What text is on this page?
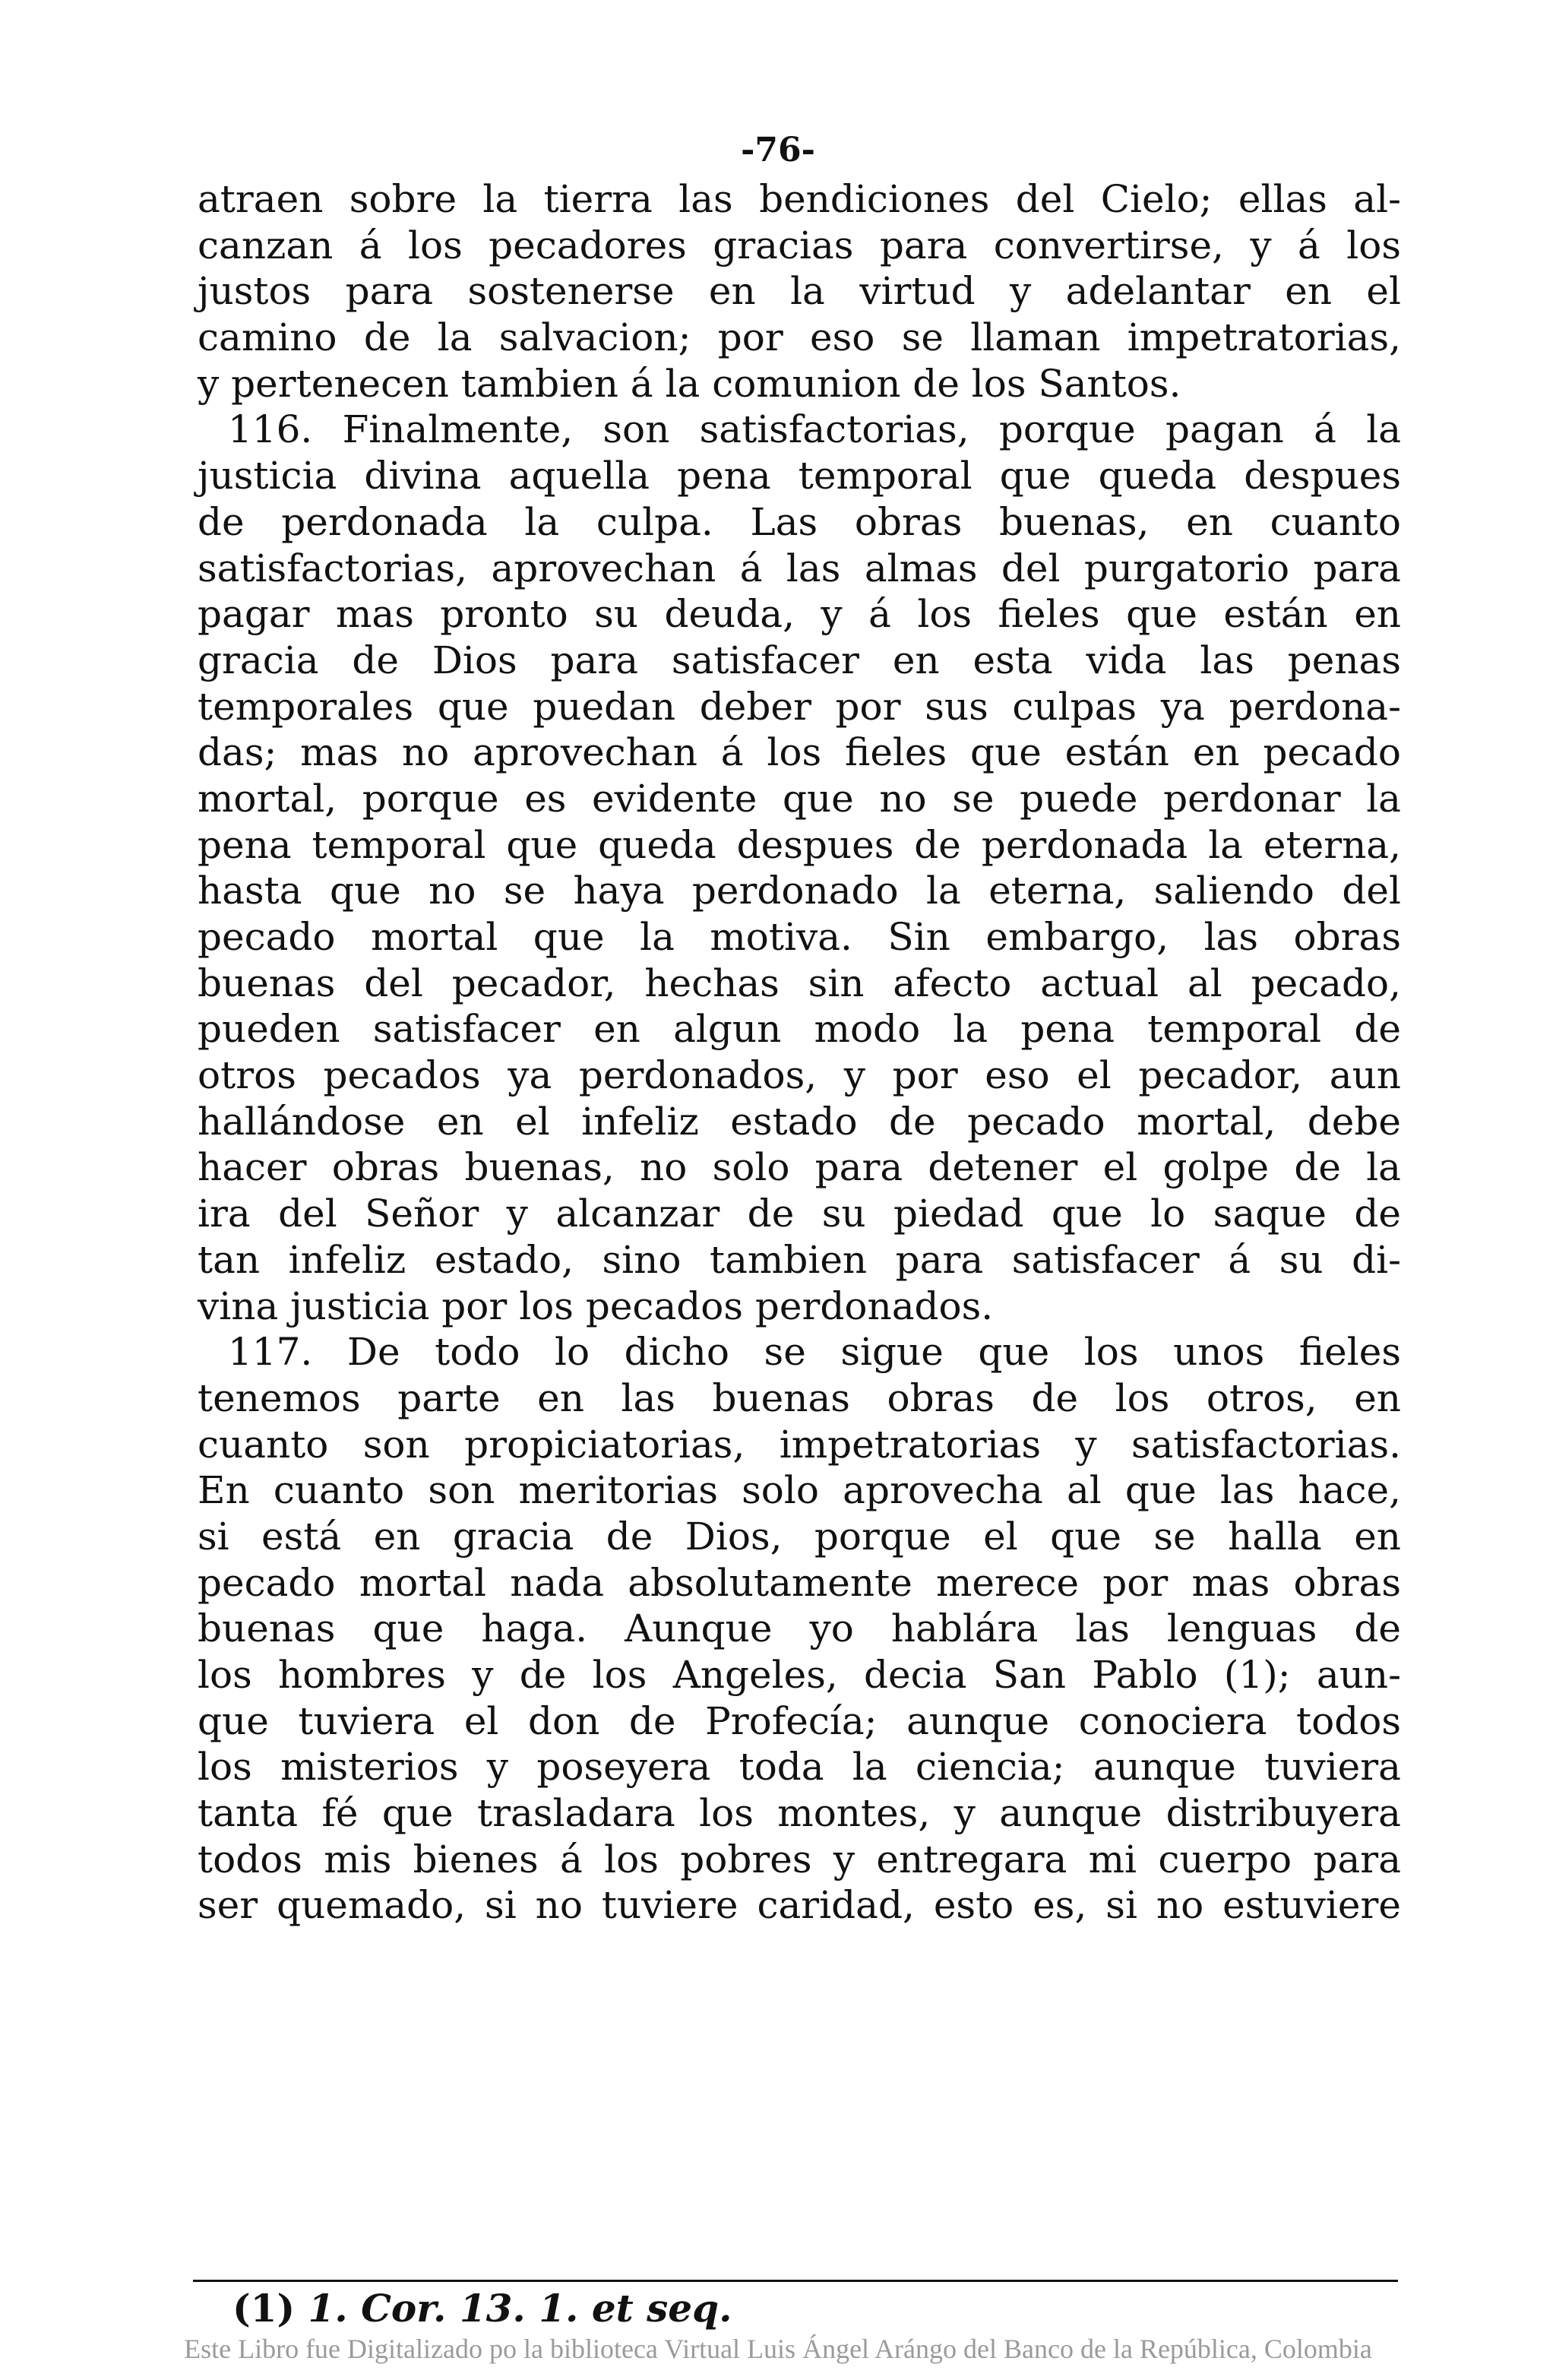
-76-
atraen sobre la tierra las bendiciones del Cielo; ellas al-
canzan á los pecadores gracias para convertirse, y á los
justos para sostenerse en la virtud y adelantar en el
camino de la salvacion; por eso se llaman impetratorias,
y pertenecen tambien á la comunion de los Santos.
116. Finalmente, son satisfactorias, porque pagan á la
justicia divina aquella pena temporal que queda despues
de perdonada la culpa. Las obras buenas, en cuanto
satisfactorias, aprovechan á las almas del purgatorio para
pagar mas pronto su deuda, y á los fieles que están en
gracia de Dios para satisfacer en esta vida las penas
temporales que puedan deber por sus culpas ya perdona-
das; mas no aprovechan á los fieles que están en pecado
mortal, porque es evidente que no se puede perdonar la
pena temporal que queda despues de perdonada la eterna,
hasta que no se haya perdonado la eterna, saliendo del
pecado mortal que la motiva. Sin embargo, las obras
buenas del pecador, hechas sin afecto actual al pecado,
pueden satisfacer en algun modo la pena temporal de
otros pecados ya perdonados, y por eso el pecador, aun
hallándose en el infeliz estado de pecado mortal, debe
hacer obras buenas, no solo para detener el golpe de la
ira del Señor y alcanzar de su piedad que lo saque de
tan infeliz estado, sino tambien para satisfacer á su di-
vina justicia por los pecados perdonados.
117. De todo lo dicho se sigue que los unos fieles
tenemos parte en las buenas obras de los otros, en
cuanto son propiciatorias, impetratorias y satisfactorias.
En cuanto son meritorias solo aprovecha al que las hace,
si está en gracia de Dios, porque el que se halla en
pecado mortal nada absolutamente merece por mas obras
buenas que haga. Aunque yo hablára las lenguas de
los hombres y de los Angeles, decia San Pablo (1); aun-
que tuviera el don de Profecía; aunque conociera todos
los misterios y poseyera toda la ciencia; aunque tuviera
tanta fé que trasladara los montes, y aunque distribuyera
todos mis bienes á los pobres y entregara mi cuerpo para
ser quemado, si no tuviere caridad, esto es, si no estuviere
(1) 1. Cor. 13. 1. et seq.
Este Libro fue Digitalizado po la biblioteca Virtual Luis Ángel Arángo del Banco de la República, Colombia
